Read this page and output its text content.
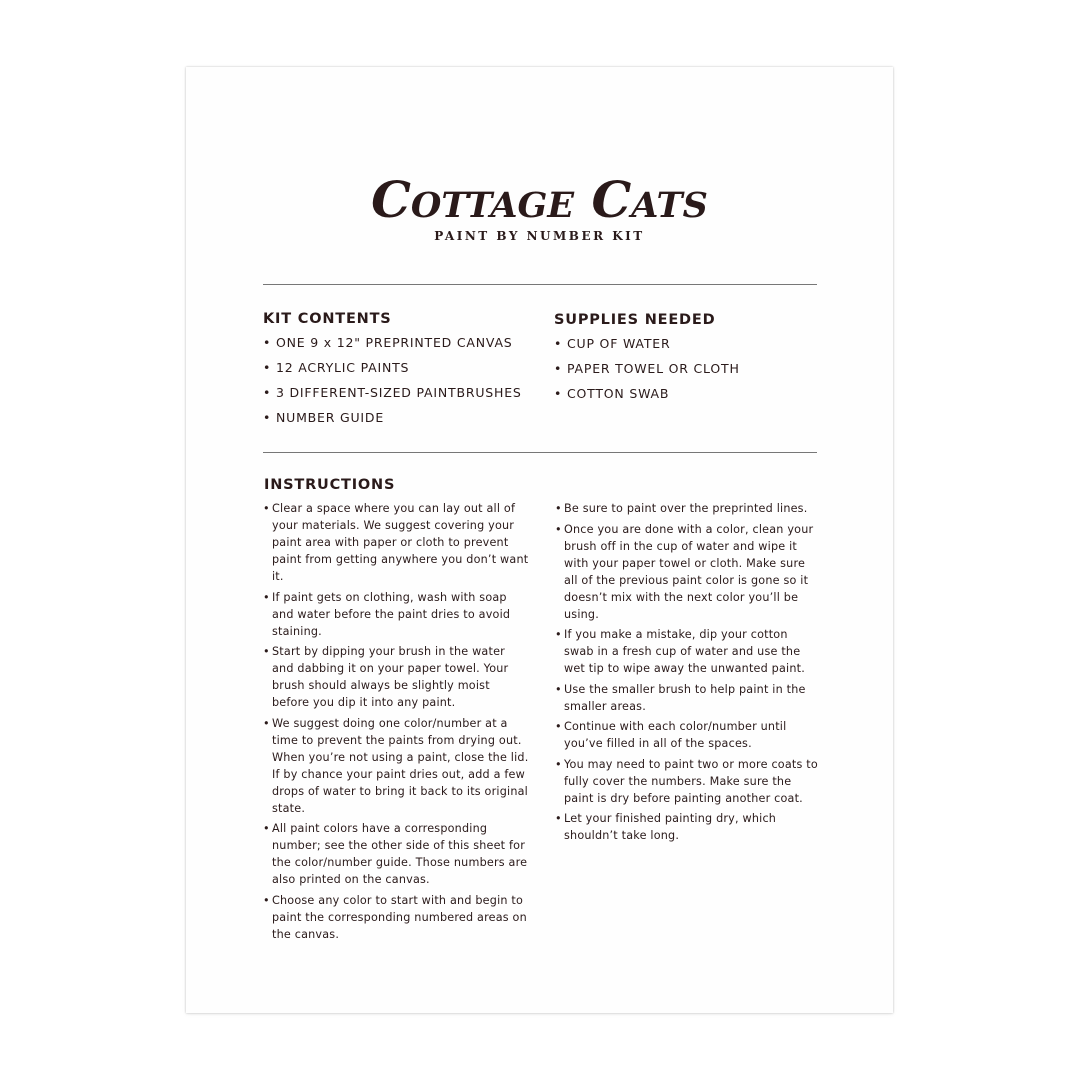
Cottage Cats
PAINT BY NUMBER KIT
KIT CONTENTS
• ONE 9 x 12" PREPRINTED CANVAS
• 12 ACRYLIC PAINTS
• 3 DIFFERENT-SIZED PAINTBRUSHES
• NUMBER GUIDE
SUPPLIES NEEDED
• CUP OF WATER
• PAPER TOWEL OR CLOTH
• COTTON SWAB
INSTRUCTIONS
• Clear a space where you can lay out all of your materials. We suggest covering your paint area with paper or cloth to prevent paint from getting anywhere you don’t want it.
• If paint gets on clothing, wash with soap and water before the paint dries to avoid staining.
• Start by dipping your brush in the water and dabbing it on your paper towel. Your brush should always be slightly moist before you dip it into any paint.
• We suggest doing one color/number at a time to prevent the paints from drying out. When you’re not using a paint, close the lid. If by chance your paint dries out, add a few drops of water to bring it back to its original state.
• All paint colors have a corresponding number; see the other side of this sheet for the color/number guide. Those numbers are also printed on the canvas.
• Choose any color to start with and begin to paint the corresponding numbered areas on the canvas.
• Be sure to paint over the preprinted lines.
• Once you are done with a color, clean your brush off in the cup of water and wipe it with your paper towel or cloth. Make sure all of the previous paint color is gone so it doesn’t mix with the next color you’ll be using.
• If you make a mistake, dip your cotton swab in a fresh cup of water and use the wet tip to wipe away the unwanted paint.
• Use the smaller brush to help paint in the smaller areas.
• Continue with each color/number until you’ve filled in all of the spaces.
• You may need to paint two or more coats to fully cover the numbers. Make sure the paint is dry before painting another coat.
• Let your finished painting dry, which shouldn’t take long.
